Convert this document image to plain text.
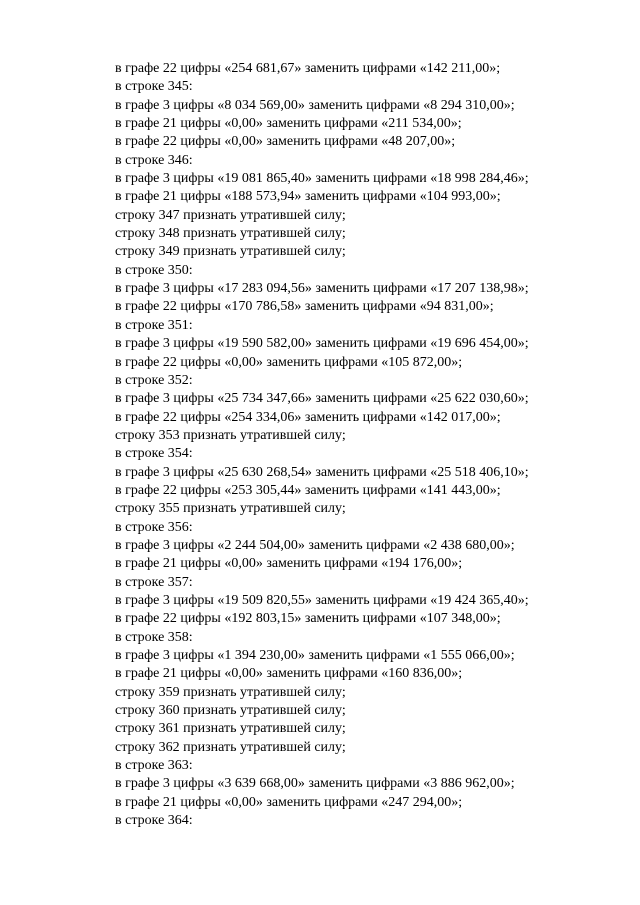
в графе 22 цифры «254 681,67» заменить цифрами «142 211,00»;
в строке 345:
в графе 3 цифры «8 034 569,00» заменить цифрами «8 294 310,00»;
в графе 21 цифры «0,00» заменить цифрами «211 534,00»;
в графе 22 цифры «0,00» заменить цифрами «48 207,00»;
в строке 346:
в графе 3 цифры «19 081 865,40» заменить цифрами «18 998 284,46»;
в графе 21 цифры «188 573,94» заменить цифрами «104 993,00»;
строку 347 признать утратившей силу;
строку 348 признать утратившей силу;
строку 349 признать утратившей силу;
в строке 350:
в графе 3 цифры «17 283 094,56» заменить цифрами «17 207 138,98»;
в графе 22 цифры «170 786,58» заменить цифрами «94 831,00»;
в строке 351:
в графе 3 цифры «19 590 582,00» заменить цифрами «19 696 454,00»;
в графе 22 цифры «0,00» заменить цифрами «105 872,00»;
в строке 352:
в графе 3 цифры «25 734 347,66» заменить цифрами «25 622 030,60»;
в графе 22 цифры «254 334,06» заменить цифрами «142 017,00»;
строку 353 признать утратившей силу;
в строке 354:
в графе 3 цифры «25 630 268,54» заменить цифрами «25 518 406,10»;
в графе 22 цифры «253 305,44» заменить цифрами «141 443,00»;
строку 355 признать утратившей силу;
в строке 356:
в графе 3 цифры «2 244 504,00» заменить цифрами «2 438 680,00»;
в графе 21 цифры «0,00» заменить цифрами «194 176,00»;
в строке 357:
в графе 3 цифры «19 509 820,55» заменить цифрами «19 424 365,40»;
в графе 22 цифры «192 803,15» заменить цифрами «107 348,00»;
в строке 358:
в графе 3 цифры «1 394 230,00» заменить цифрами «1 555 066,00»;
в графе 21 цифры «0,00» заменить цифрами «160 836,00»;
строку 359 признать утратившей силу;
строку 360 признать утратившей силу;
строку 361 признать утратившей силу;
строку 362 признать утратившей силу;
в строке 363:
в графе 3 цифры «3 639 668,00» заменить цифрами «3 886 962,00»;
в графе 21 цифры «0,00» заменить цифрами «247 294,00»;
в строке 364:
